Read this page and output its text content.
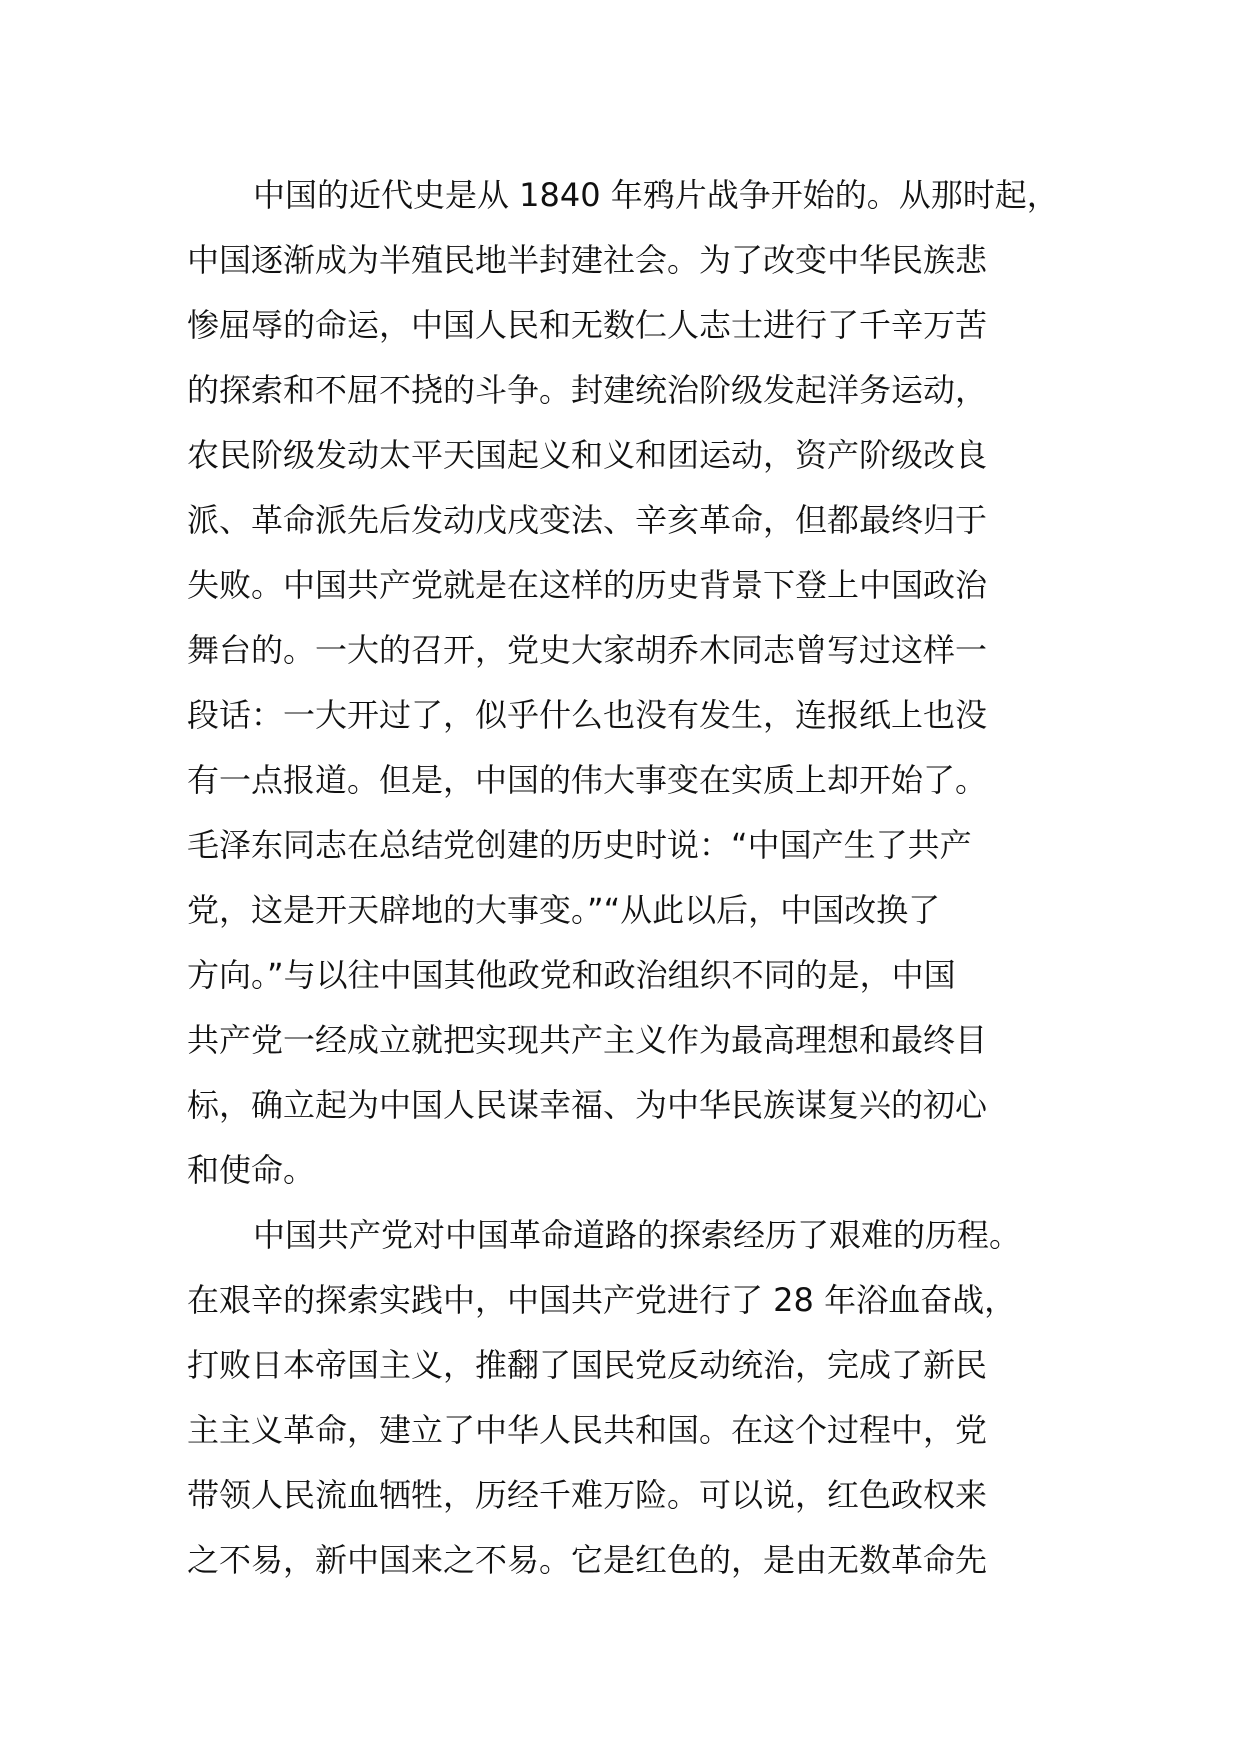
中国的近代史是从 1840 年鸦片战争开始的。从那时起，
中国逐渐成为半殖民地半封建社会。为了改变中华民族悲
惨屈辱的命运，中国人民和无数仁人志士进行了千辛万苦
的探索和不屈不挠的斗争。封建统治阶级发起洋务运动，
农民阶级发动太平天国起义和义和团运动，资产阶级改良
派、革命派先后发动戊戌变法、辛亥革命，但都最终归于
失败。中国共产党就是在这样的历史背景下登上中国政治
舞台的。一大的召开，党史大家胡乔木同志曾写过这样一
段话：一大开过了，似乎什么也没有发生，连报纸上也没
有一点报道。但是，中国的伟大事变在实质上却开始了。
毛泽东同志在总结党创建的历史时说：“中国产生了共产
党，这是开天辟地的大事变。”“从此以后，中国改换了
方向。”与以往中国其他政党和政治组织不同的是，中国
共产党一经成立就把实现共产主义作为最高理想和最终目
标，确立起为中国人民谋幸福、为中华民族谋复兴的初心
和使命。
中国共产党对中国革命道路的探索经历了艰难的历程。
在艰辛的探索实践中，中国共产党进行了 28 年浴血奋战，
打败日本帝国主义，推翻了国民党反动统治，完成了新民
主主义革命，建立了中华人民共和国。在这个过程中，党
带领人民流血牺牲，历经千难万险。可以说，红色政权来
之不易，新中国来之不易。它是红色的，是由无数革命先
